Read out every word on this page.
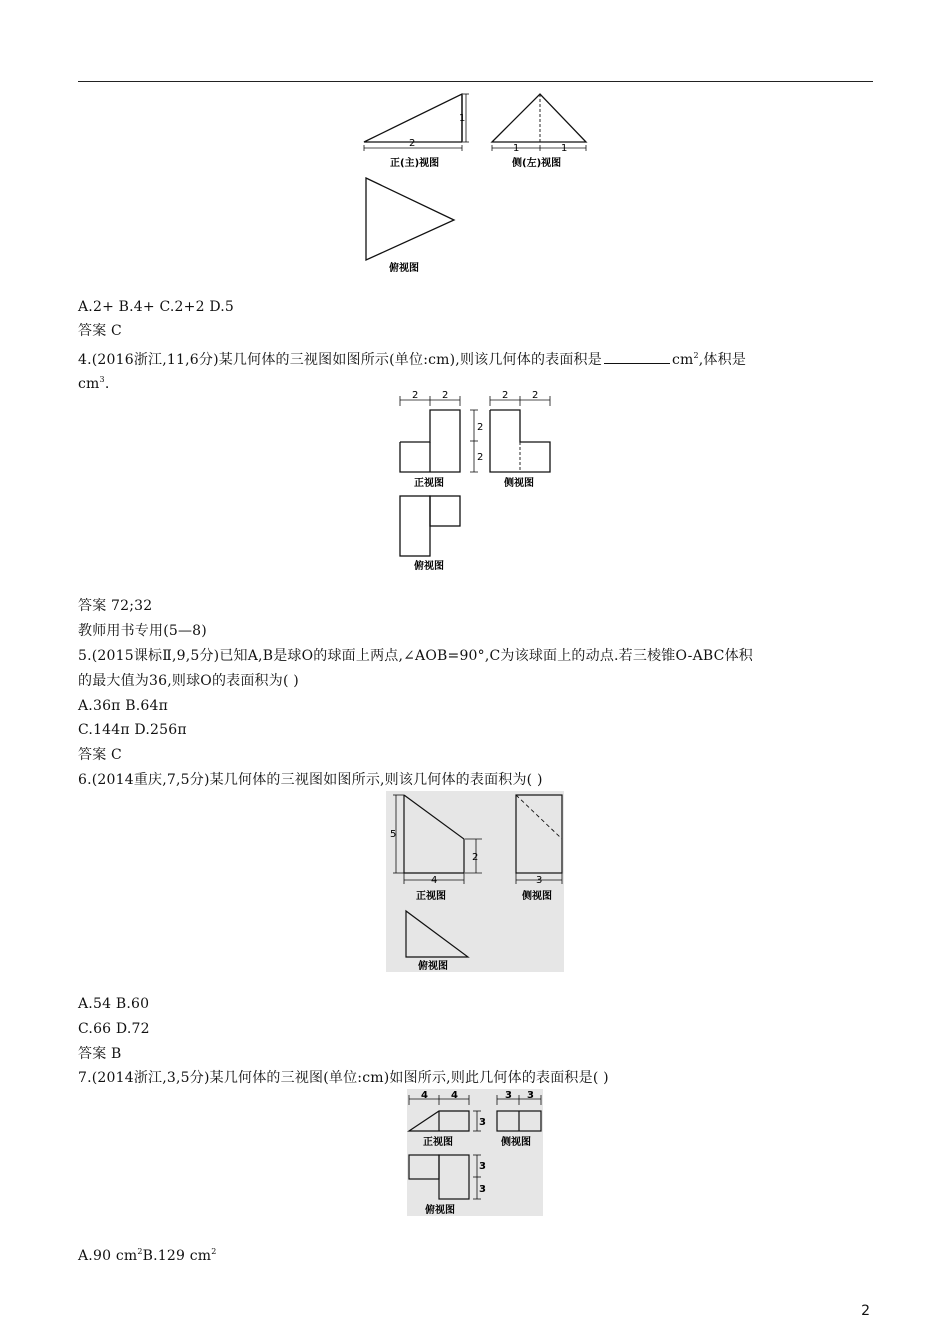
1
2
正(主)视图
1	1
侧(左)视图
俯视图
A.2+ B.4+ C.2+2 D.5
答案 C
4.(2016浙江,11,6分)某几何体的三视图如图所示(单位:cm),则该几何体的表面积是	$cm^2$,体积是
$cm^3$.
2 2
2
2
正视图
2 2
侧视图
俯视图
答案 72;32
教师用书专用(5—8)
5.(2015课标Ⅱ,9,5分)已知A,B是球O的球面上两点,∠AOB=90°,C为该球面上的动点.若三棱锥O-ABC体积
的最大值为36,则球O的表面积为( )
A.36π B.64π
C.144π D.256π
答案 C
6.(2014重庆,7,5分)某几何体的三视图如图所示,则该几何体的表面积为( )
5
2
4
正视图
3
侧视图
俯视图
A.54 B.60
C.66 D.72
答案 B
7.(2014浙江,3,5分)某几何体的三视图(单位:cm)如图所示,则此几何体的表面积是( )
4 4
3
正视图
3 3
侧视图
3
3
俯视图
A.90 $cm^2B.129$ $cm^2$
2
